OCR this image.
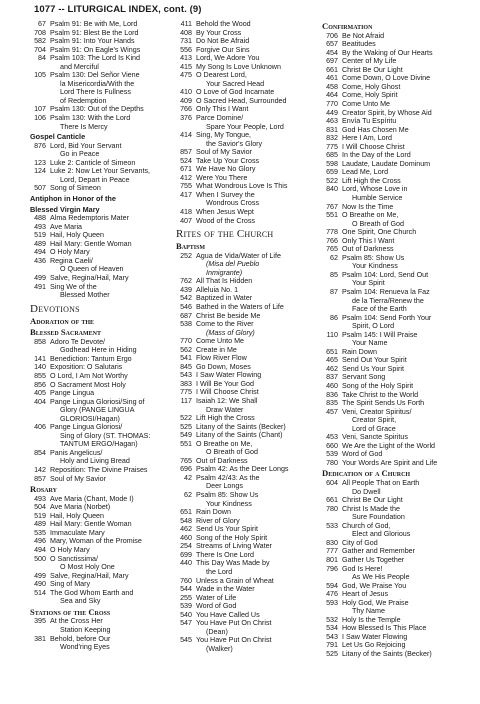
1077 -- LITURGICAL INDEX, cont. (9)
67 Psalm 91: Be with Me, Lord
708 Psalm 91: Blest Be the Lord
582 Psalm 91: Into Your Hands
704 Psalm 91: On Eagle's Wings
84 Psalm 103: The Lord Is Kind
and Merciful
105 Psalm 130: Del Señor Viene
la Misericordia/With the
Lord There Is Fullness
of Redemption
107 Psalm 130: Out of the Depths
106 Psalm 130: With the Lord
There Is Mercy
Gospel Canticle
876 Lord, Bid Your Servant
Go in Peace
123 Luke 2: Canticle of Simeon
124 Luke 2: Now Let Your Servants,
Lord, Depart in Peace
507 Song of Simeon
Antiphon in Honor of the
Blessed Virgin Mary
488 Alma Redemptoris Mater
493 Ave Maria
519 Hail, Holy Queen
489 Hail Mary: Gentle Woman
494 O Holy Mary
436 Regina Caeli/
O Queen of Heaven
499 Salve, Regina/Hail, Mary
491 Sing We of the
Blessed Mother
Devotions
Adoration of the
Blessed Sacrament
858 Adoro Te Devote/
Godhead Here in Hiding
141 Benediction: Tantum Ergo
140 Exposition: O Salutaris
855 O Lord, I Am Not Worthy
856 O Sacrament Most Holy
405 Pange Lingua
404 Pange Lingua Gloriosi/Sing of
Glory (PANGE LINGUA
GLORIOSI/Hagan)
406 Pange Lingua Gloriosi/
Sing of Glory (ST. THOMAS:
TANTUM ERGO/Hagan)
854 Panis Angelicus/
Holy and Living Bread
142 Reposition: The Divine Praises
857 Soul of My Savior
Rosary
493 Ave Maria (Chant, Mode I)
504 Ave Maria (Norbet)
519 Hail, Holy Queen
489 Hail Mary: Gentle Woman
535 Immaculate Mary
496 Mary, Woman of the Promise
494 O Holy Mary
500 O Sanctissima/
O Most Holy One
499 Salve, Regina/Hail, Mary
490 Sing of Mary
514 The God Whom Earth and
Sea and Sky
Stations of the Cross
395 At the Cross Her
Station Keeping
381 Behold, before Our
Wond'ring Eyes
411 Behold the Wood
408 By Your Cross
731 Do Not Be Afraid
556 Forgive Our Sins
413 Lord, We Adore You
415 My Song Is Love Unknown
475 O Dearest Lord,
Your Sacred Head
410 O Love of God Incarnate
409 O Sacred Head, Surrounded
766 Only This I Want
376 Parce Domine/
Spare Your People, Lord
414 Sing, My Tongue,
the Savior's Glory
857 Soul of My Savior
524 Take Up Your Cross
671 We Have No Glory
412 Were You There
755 What Wondrous Love Is This
417 When I Survey the
Wondrous Cross
418 When Jesus Wept
407 Wood of the Cross
Rites of the Church
Baptism
252 Agua de Vida/Water of Life
(Misa del Pueblo
Inmigrante)
762 All That Is Hidden
439 Alleluia No. 1
542 Baptized in Water
546 Bathed in the Waters of Life
687 Christ Be beside Me
538 Come to the River
(Mass of Glory)
770 Come Unto Me
562 Create in Me
541 Flow River Flow
845 Go Down, Moses
543 I Saw Water Flowing
383 I Will Be Your God
775 I Will Choose Christ
117 Isaiah 12: We Shall
Draw Water
522 Lift High the Cross
525 Litany of the Saints (Becker)
549 Litany of the Saints (Chant)
551 O Breathe on Me,
O Breath of God
765 Out of Darkness
696 Psalm 42: As the Deer Longs
42 Psalm 42/43: As the
Deer Longs
62 Psalm 85: Show Us
Your Kindness
651 Rain Down
548 River of Glory
462 Send Us Your Spirit
460 Song of the Holy Spirit
254 Streams of Living Water
699 There Is One Lord
440 This Day Was Made by
the Lord
760 Unless a Grain of Wheat
544 Wade in the Water
255 Water of Life
539 Word of God
540 You Have Called Us
547 You Have Put On Christ
(Dean)
545 You Have Put On Christ
(Walker)
Confirmation
706 Be Not Afraid
657 Beatitudes
454 By the Waking of Our Hearts
697 Center of My Life
661 Christ Be Our Light
461 Come Down, O Love Divine
458 Come, Holy Ghost
464 Come, Holy Spirit
770 Come Unto Me
449 Creator Spirit, by Whose Aid
463 Envía Tu Espíritu
831 God Has Chosen Me
832 Here I Am, Lord
775 I Will Choose Christ
685 In the Day of the Lord
598 Laudate, Laudate Dominum
659 Lead Me, Lord
522 Lift High the Cross
840 Lord, Whose Love in
Humble Service
767 Now Is the Time
551 O Breathe on Me,
O Breath of God
778 One Spirit, One Church
766 Only This I Want
765 Out of Darkness
62 Psalm 85: Show Us
Your Kindness
85 Psalm 104: Lord, Send Out
Your Spirit
87 Psalm 104: Renueva la Faz
de la Tierra/Renew the
Face of the Earth
86 Psalm 104: Send Forth Your
Spirit, O Lord
110 Psalm 145: I Will Praise
Your Name
651 Rain Down
465 Send Out Your Spirit
462 Send Us Your Spirit
837 Servant Song
460 Song of the Holy Spirit
836 Take Christ to the World
835 The Spirit Sends Us Forth
457 Veni, Creator Spiritus/
Creator Spirit,
Lord of Grace
453 Veni, Sancte Spiritus
660 We Are the Light of the World
539 Word of God
780 Your Words Are Spirit and Life
Dedication of a Church
604 All People That on Earth
Do Dwell
661 Christ Be Our Light
780 Christ Is Made the
Sure Foundation
533 Church of God,
Elect and Glorious
830 City of God
777 Gather and Remember
801 Gather Us Together
796 God Is Here!
As We His People
594 God, We Praise You
476 Heart of Jesus
593 Holy God, We Praise
Thy Name
532 Holy Is the Temple
534 How Blessed Is This Place
543 I Saw Water Flowing
791 Let Us Go Rejoicing
525 Litany of the Saints (Becker)
